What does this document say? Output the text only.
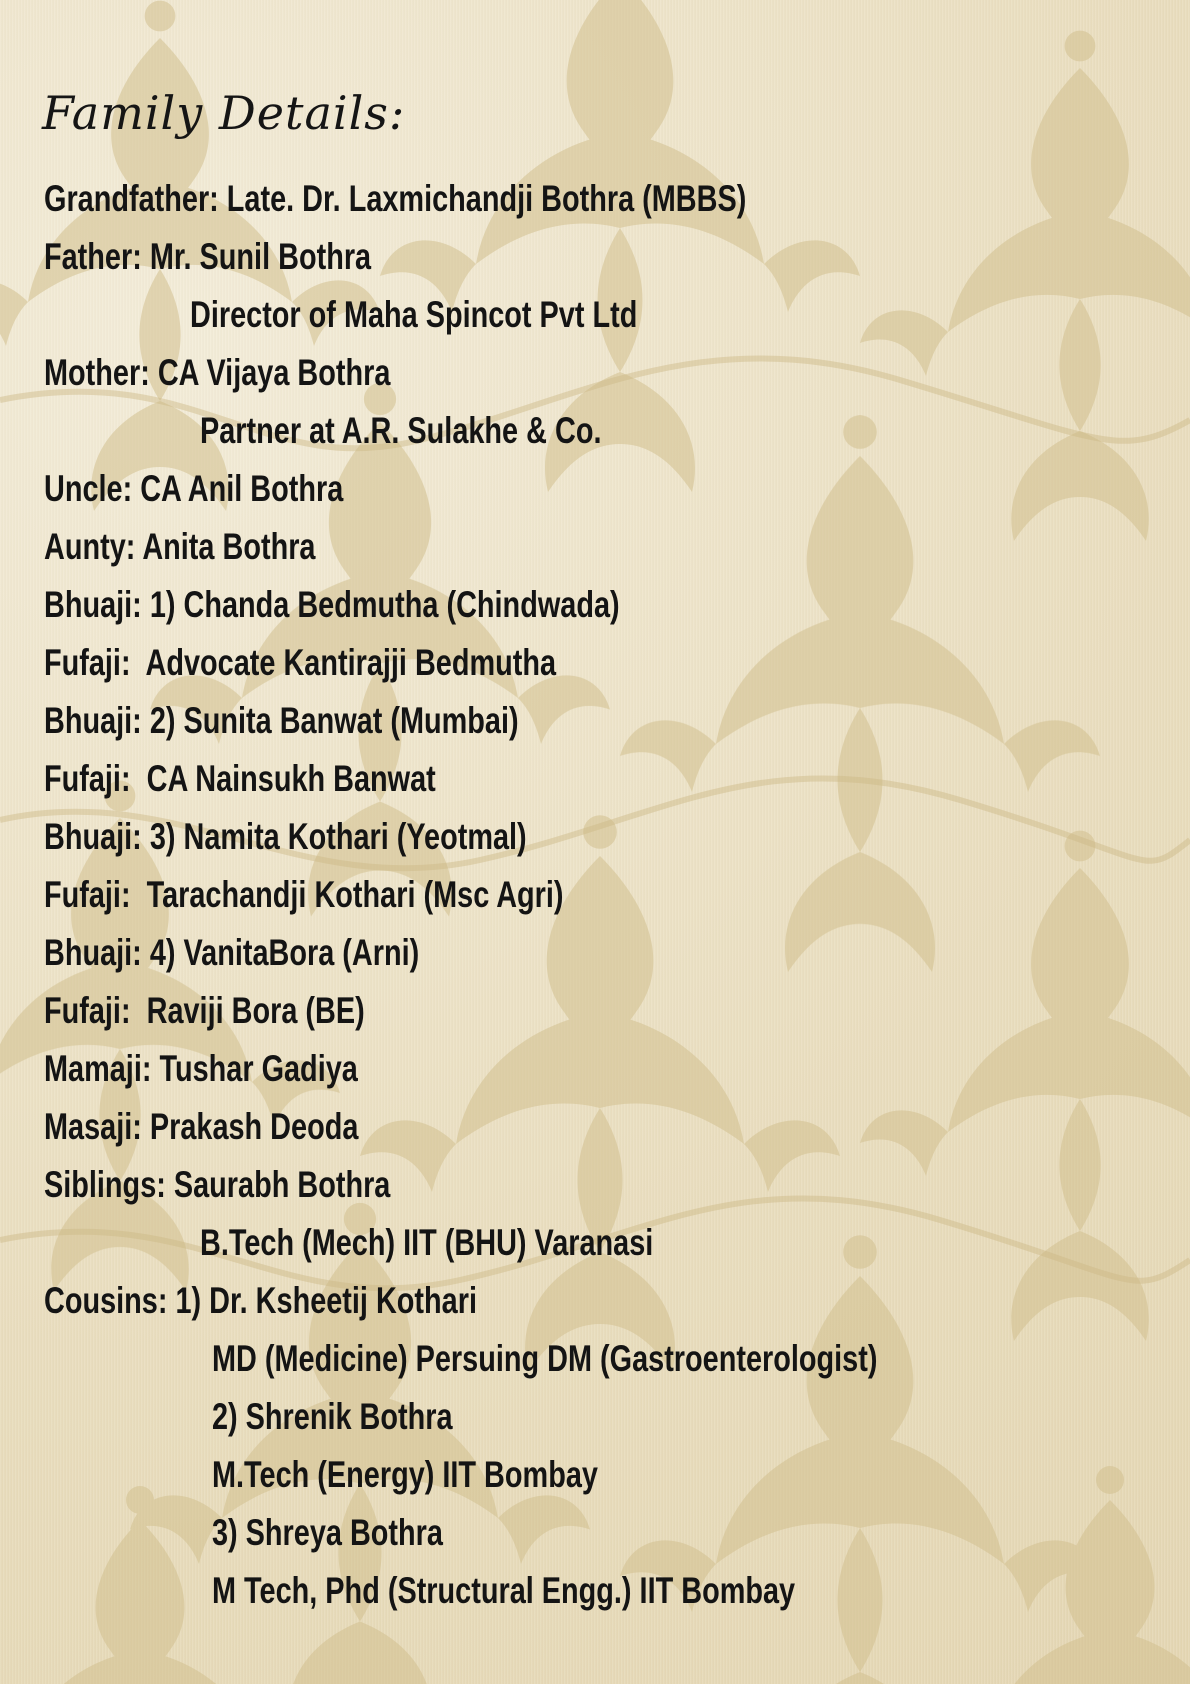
Family Details:

Grandfather: Late. Dr. Laxmichandji Bothra (MBBS)

Father: Mr. Sunil Bothra

Director of Maha Spincot Pvt Ltd

Mother: CA Vijaya Bothra

Partner at A.R. Sulakhe & Co.

Uncle: CA Anil Bothra

Aunty: Anita Bothra

Bhuaji: 1) Chanda Bedmutha (Chindwada)

Fufaji:  Advocate Kantirajji Bedmutha

Bhuaji: 2) Sunita Banwat (Mumbai)

Fufaji:  CA Nainsukh Banwat

Bhuaji: 3) Namita Kothari (Yeotmal)

Fufaji:  Tarachandji Kothari (Msc Agri)

Bhuaji: 4) VanitaBora (Arni)

Fufaji:  Raviji Bora (BE)

Mamaji: Tushar Gadiya

Masaji: Prakash Deoda

Siblings: Saurabh Bothra

B.Tech (Mech) IIT (BHU) Varanasi

Cousins: 1) Dr. Ksheetij Kothari

MD (Medicine) Persuing DM (Gastroenterologist)

2) Shrenik Bothra

M.Tech (Energy) IIT Bombay

3) Shreya Bothra

M Tech, Phd (Structural Engg.) IIT Bombay
